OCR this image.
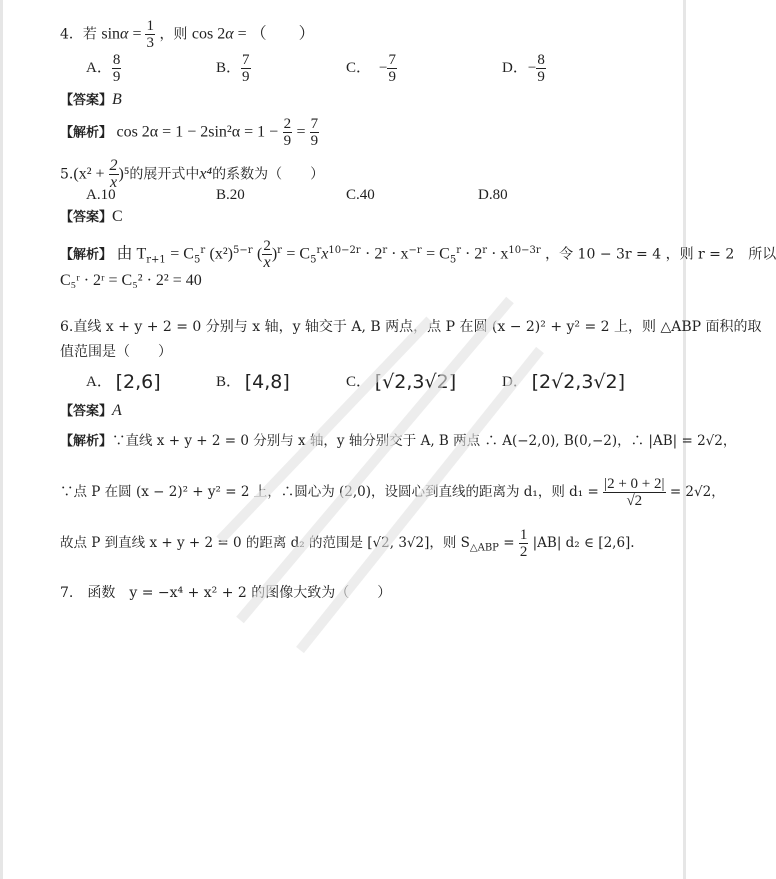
4．若 $\sin\alpha = \frac{1}{3}$ ，则 cos 2α = （　　）
A． $\frac{8}{9}$	B． $\frac{7}{9}$	C． − $\frac{7}{9}$	D．− $\frac{8}{9}$
【答案】B
【解析】 $\cos 2\alpha = 1 - 2\sin^2\alpha = 1 - \frac{2}{9} = \frac{7}{9}$
$5.(x^2 + \frac{2}{x} )^5$的展开式中x⁴的系数为（　　）
A.10	B.20	C.40	D.80
【答案】C
【解析】 由 $T_{r+1} = C_5^r$ $(x^2)^{5-r}$ ( $\frac{2}{x} )^r = C_5^rx^{10-2r} \cdot 2^r \cdot x^{-r} = C_5^r \cdot 2^r \cdot x^{10-3r}$ ，令 10 − 3r = 4 ，则 r = 2　所以
C₅ʳ · 2ʳ = C₅² · 2² = 40
6.直线 x + y + 2 = 0 分别与 x 轴，y 轴交于 A, B 两点，点 P 在圆 (x − 2)² + y² = 2 上，则 △ABP 面积的取
值范围是（　　）
A． [2,6]	B． [4,8]	C． [√2,3√2]	D． [2√2,3√2]
【答案】A
【解析】∵直线 x + y + 2 = 0 分别与 x 轴，y 轴分别交于 A, B 两点 ∴ A(−2,0), B(0,−2)，∴ |AB| = 2√2，
∵点 P 在圆 (x − 2)² + y² = 2 上，∴圆心为 (2,0)，设圆心到直线的距离为 d₁，则 $d_1 = \frac{|2 + 0 + 2|}{√2} = 2√2$，
故点 P 到直线 x + y + 2 = 0 的距离 d₂ 的范围是 [√2, 3√2]，则 $S_{\triangle ABP} = \frac{1}{2} |AB|$ d₂ ∈ [2,6].
7.　函数　y = −x⁴ + x² + 2 的图像大致为（　　）
